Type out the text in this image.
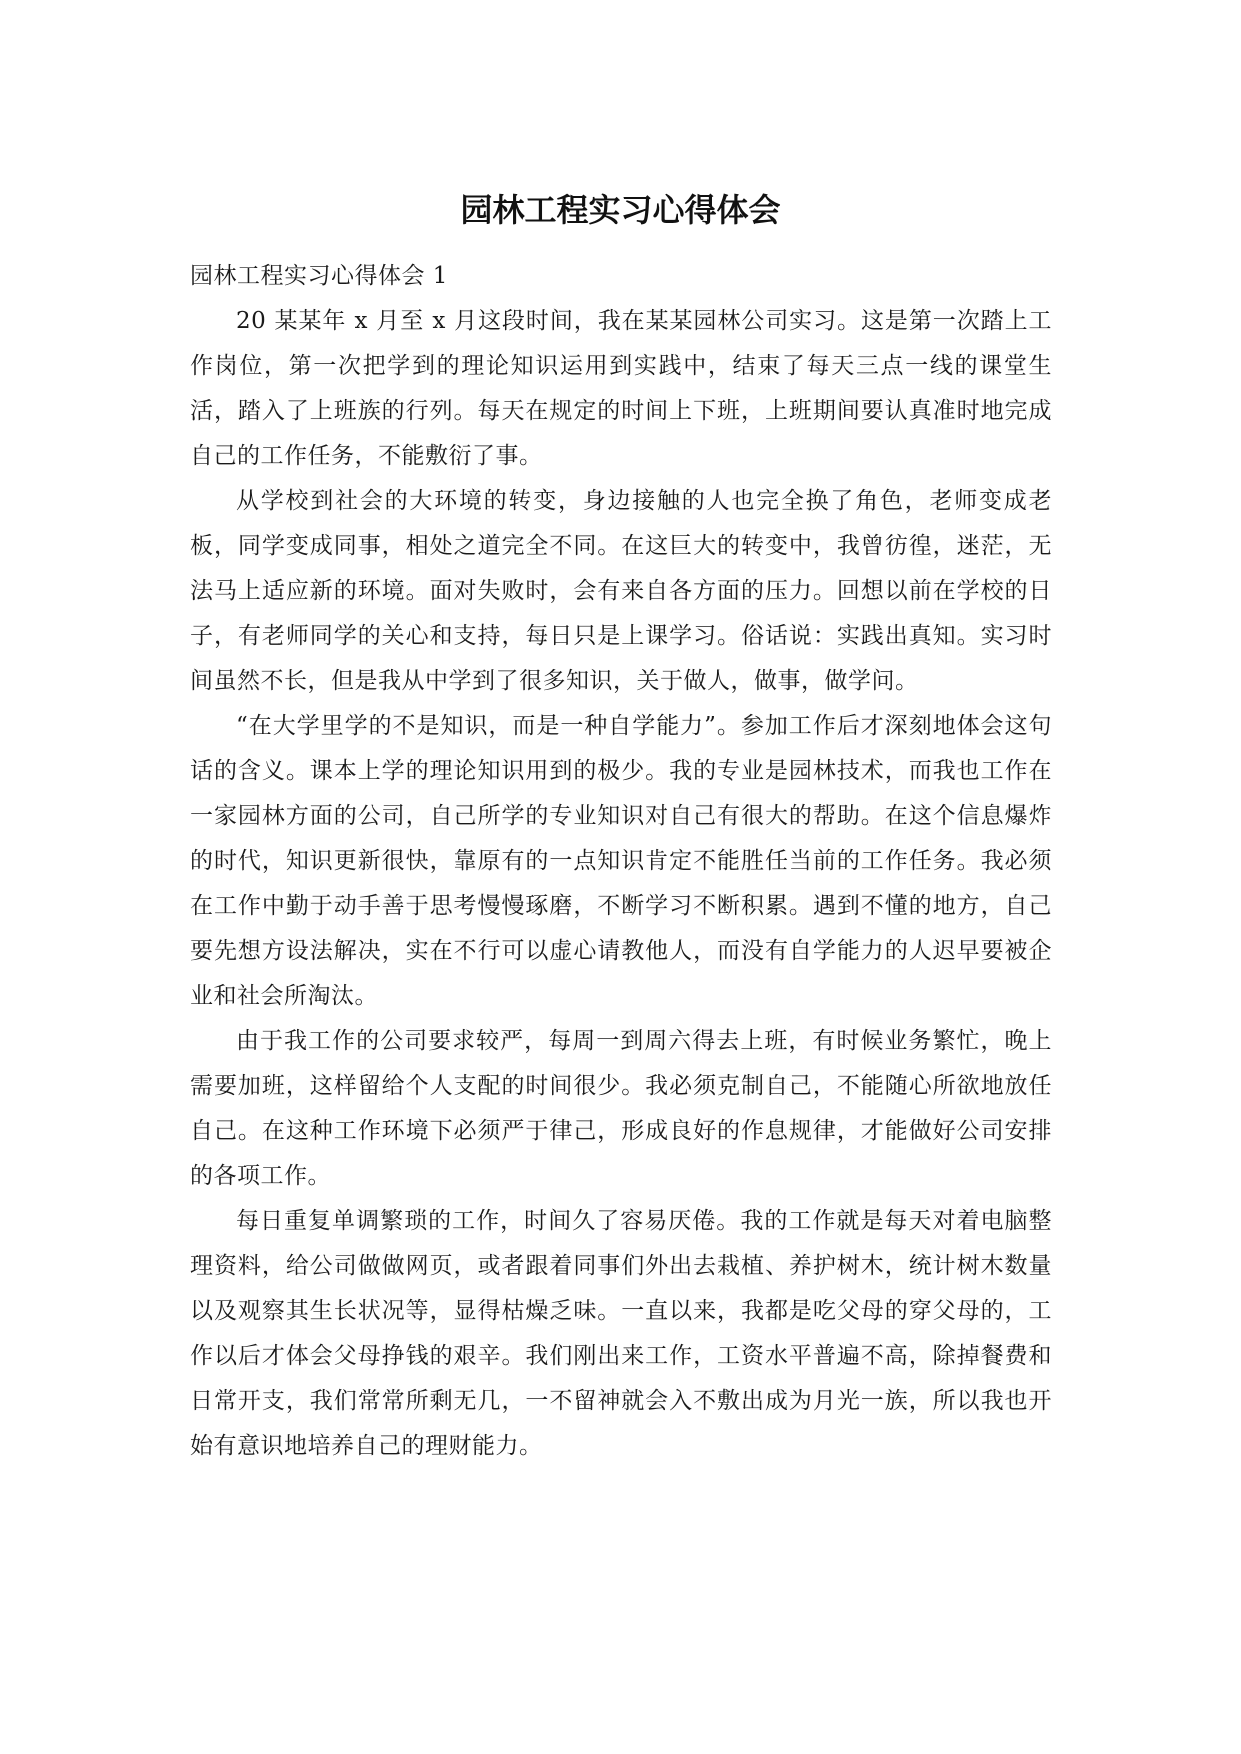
园林工程实习心得体会

园林工程实习心得体会 1

20 某某年 x 月至 x 月这段时间，我在某某园林公司实习。这是第一次踏上工作岗位，第一次把学到的理论知识运用到实践中，结束了每天三点一线的课堂生活，踏入了上班族的行列。每天在规定的时间上下班，上班期间要认真准时地完成自己的工作任务，不能敷衍了事。

从学校到社会的大环境的转变，身边接触的人也完全换了角色，老师变成老板，同学变成同事，相处之道完全不同。在这巨大的转变中，我曾彷徨，迷茫，无法马上适应新的环境。面对失败时，会有来自各方面的压力。回想以前在学校的日子，有老师同学的关心和支持，每日只是上课学习。俗话说：实践出真知。实习时间虽然不长，但是我从中学到了很多知识，关于做人，做事，做学问。

“在大学里学的不是知识，而是一种自学能力”。参加工作后才深刻地体会这句话的含义。课本上学的理论知识用到的极少。我的专业是园林技术，而我也工作在一家园林方面的公司，自己所学的专业知识对自己有很大的帮助。在这个信息爆炸的时代，知识更新很快，靠原有的一点知识肯定不能胜任当前的工作任务。我必须在工作中勤于动手善于思考慢慢琢磨，不断学习不断积累。遇到不懂的地方，自己要先想方设法解决，实在不行可以虚心请教他人，而没有自学能力的人迟早要被企业和社会所淘汰。

由于我工作的公司要求较严，每周一到周六得去上班，有时候业务繁忙，晚上需要加班，这样留给个人支配的时间很少。我必须克制自己，不能随心所欲地放任自己。在这种工作环境下必须严于律己，形成良好的作息规律，才能做好公司安排的各项工作。

每日重复单调繁琐的工作，时间久了容易厌倦。我的工作就是每天对着电脑整理资料，给公司做做网页，或者跟着同事们外出去栽植、养护树木，统计树木数量以及观察其生长状况等，显得枯燥乏味。一直以来，我都是吃父母的穿父母的，工作以后才体会父母挣钱的艰辛。我们刚出来工作，工资水平普遍不高，除掉餐费和日常开支，我们常常所剩无几，一不留神就会入不敷出成为月光一族，所以我也开始有意识地培养自己的理财能力。
